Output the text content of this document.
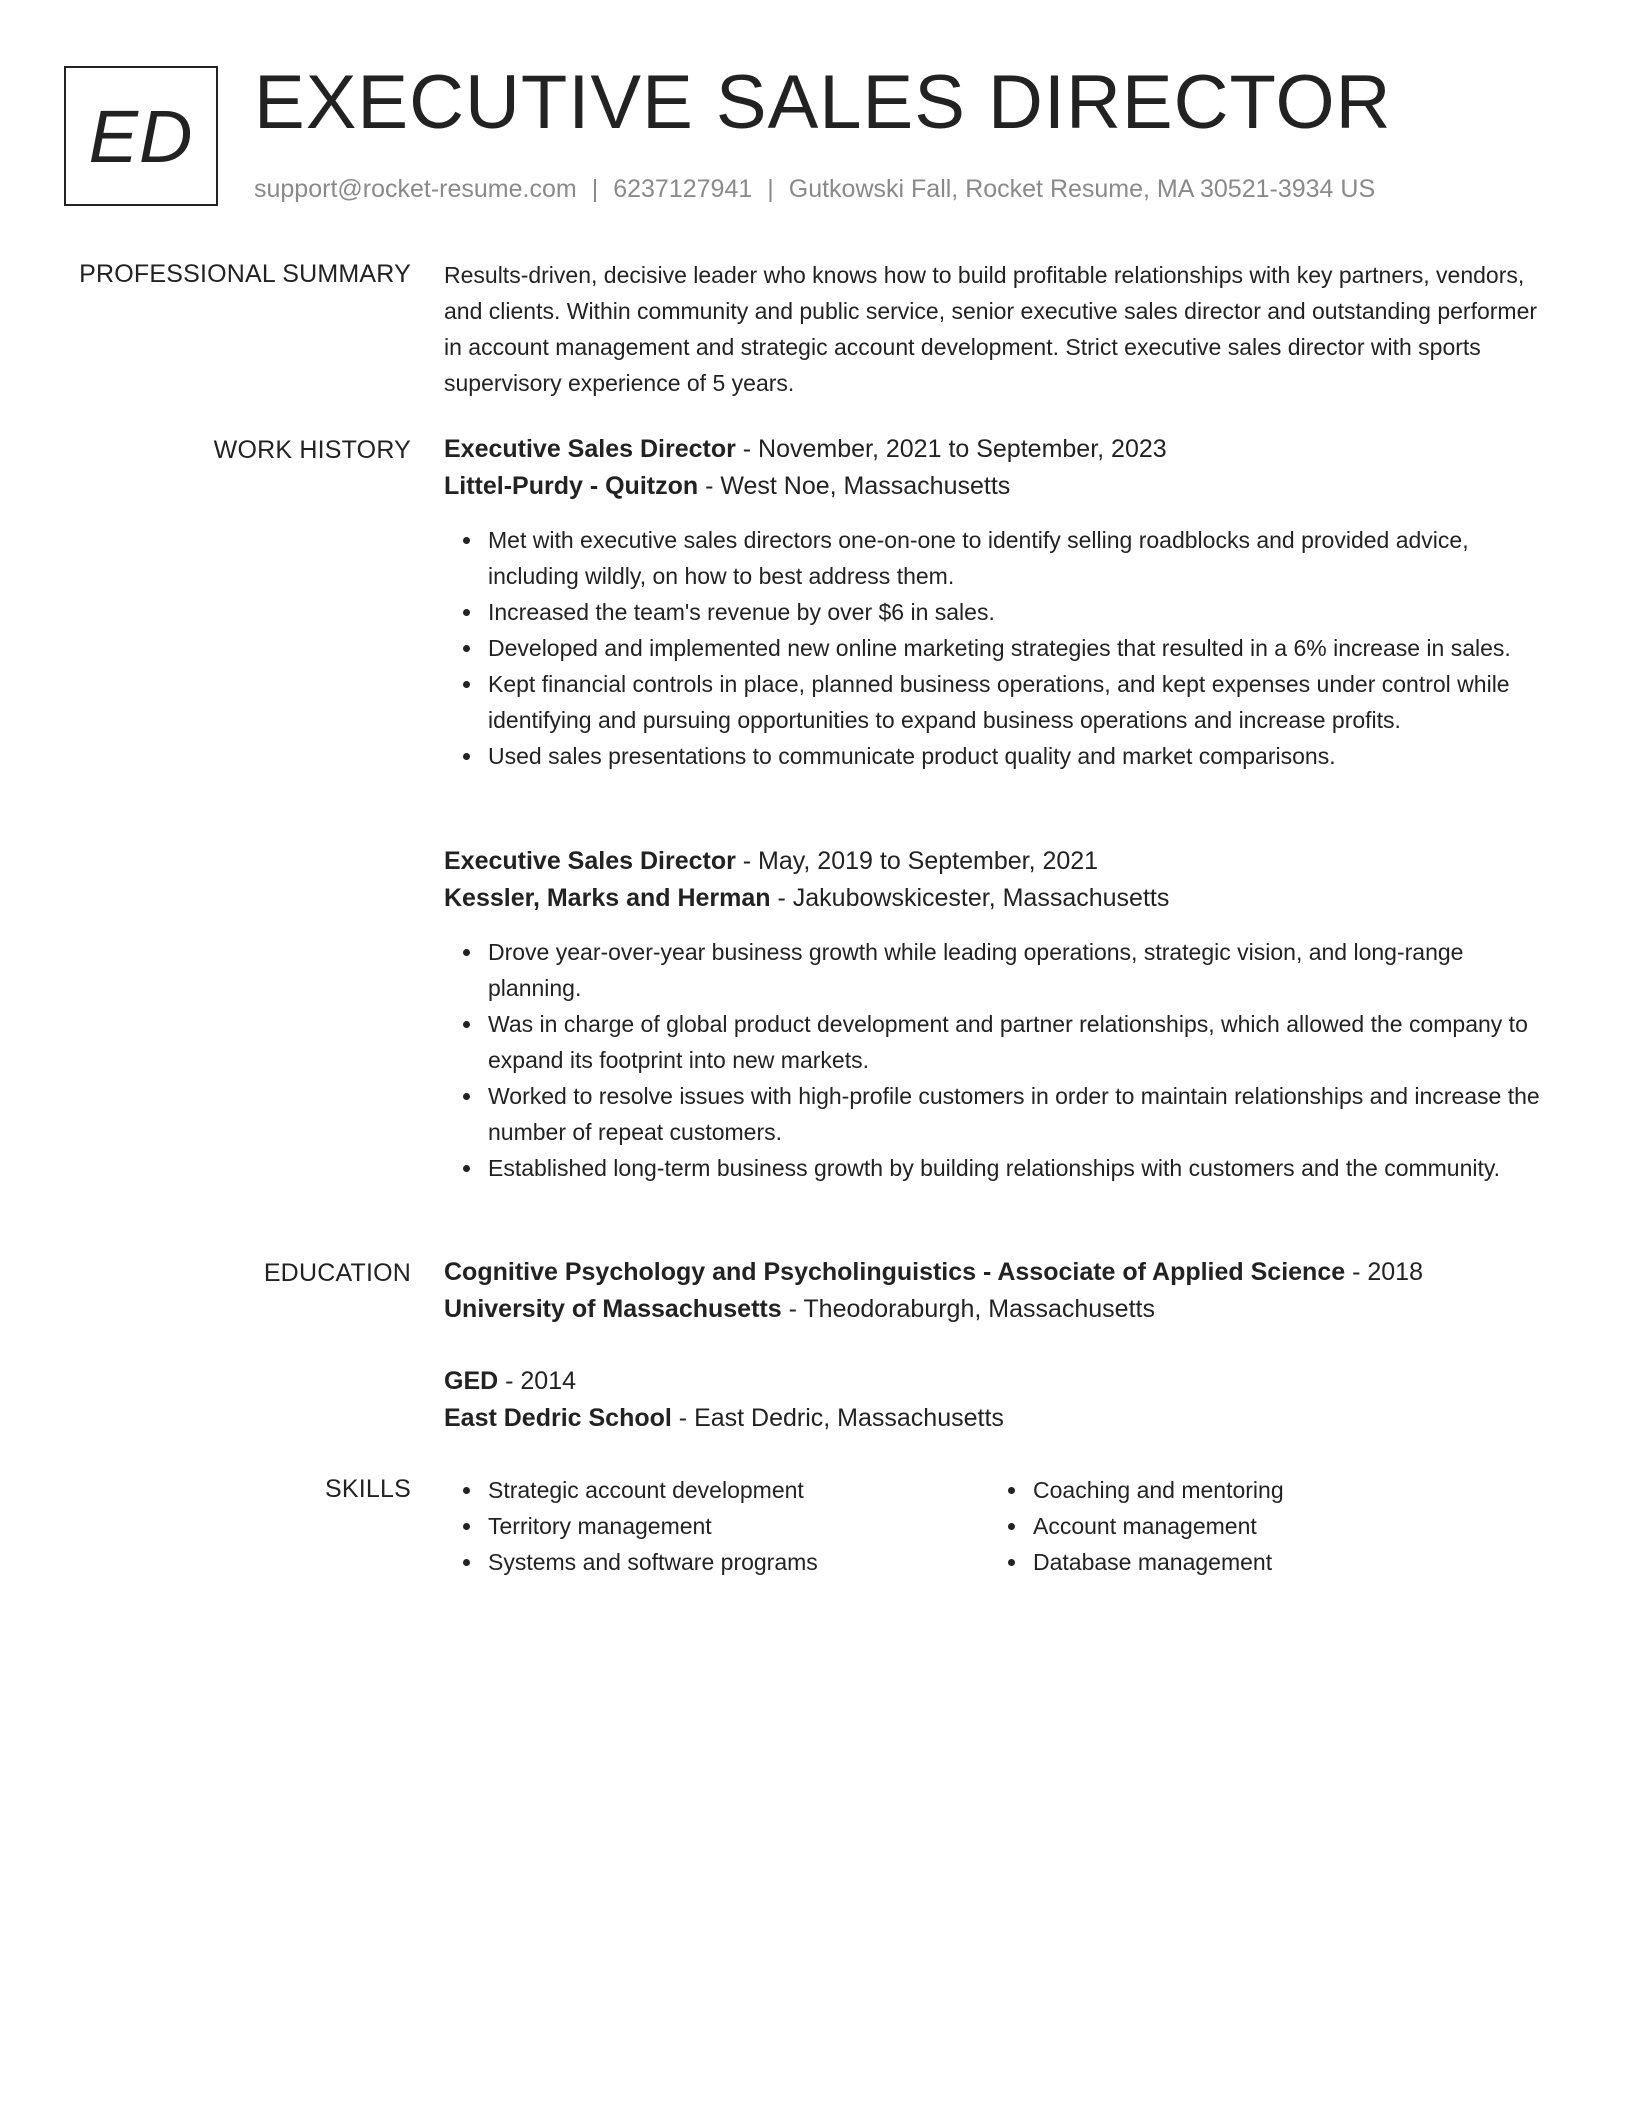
ED EXECUTIVE SALES DIRECTOR
support@rocket-resume.com | 6237127941 | Gutkowski Fall, Rocket Resume, MA 30521-3934 US
PROFESSIONAL SUMMARY Results-driven, decisive leader who knows how to build profitable relationships with key partners, vendors, and clients. Within community and public service, senior executive sales director and outstanding performer in account management and strategic account development. Strict executive sales director with sports supervisory experience of 5 years.
WORK HISTORY Executive Sales Director - November, 2021 to September, 2023
Littel-Purdy - Quitzon - West Noe, Massachusetts
Met with executive sales directors one-on-one to identify selling roadblocks and provided advice, including wildly, on how to best address them.
Increased the team's revenue by over $6 in sales.
Developed and implemented new online marketing strategies that resulted in a 6% increase in sales.
Kept financial controls in place, planned business operations, and kept expenses under control while identifying and pursuing opportunities to expand business operations and increase profits.
Used sales presentations to communicate product quality and market comparisons.
Executive Sales Director - May, 2019 to September, 2021
Kessler, Marks and Herman - Jakubowskicester, Massachusetts
Drove year-over-year business growth while leading operations, strategic vision, and long-range planning.
Was in charge of global product development and partner relationships, which allowed the company to expand its footprint into new markets.
Worked to resolve issues with high-profile customers in order to maintain relationships and increase the number of repeat customers.
Established long-term business growth by building relationships with customers and the community.
EDUCATION Cognitive Psychology and Psycholinguistics - Associate of Applied Science - 2018
University of Massachusetts - Theodoraburgh, Massachusetts
GED - 2014
East Dedric School - East Dedric, Massachusetts
SKILLS	Strategic account development
Territory management
Systems and software programs
Coaching and mentoring
Account management
Database management
